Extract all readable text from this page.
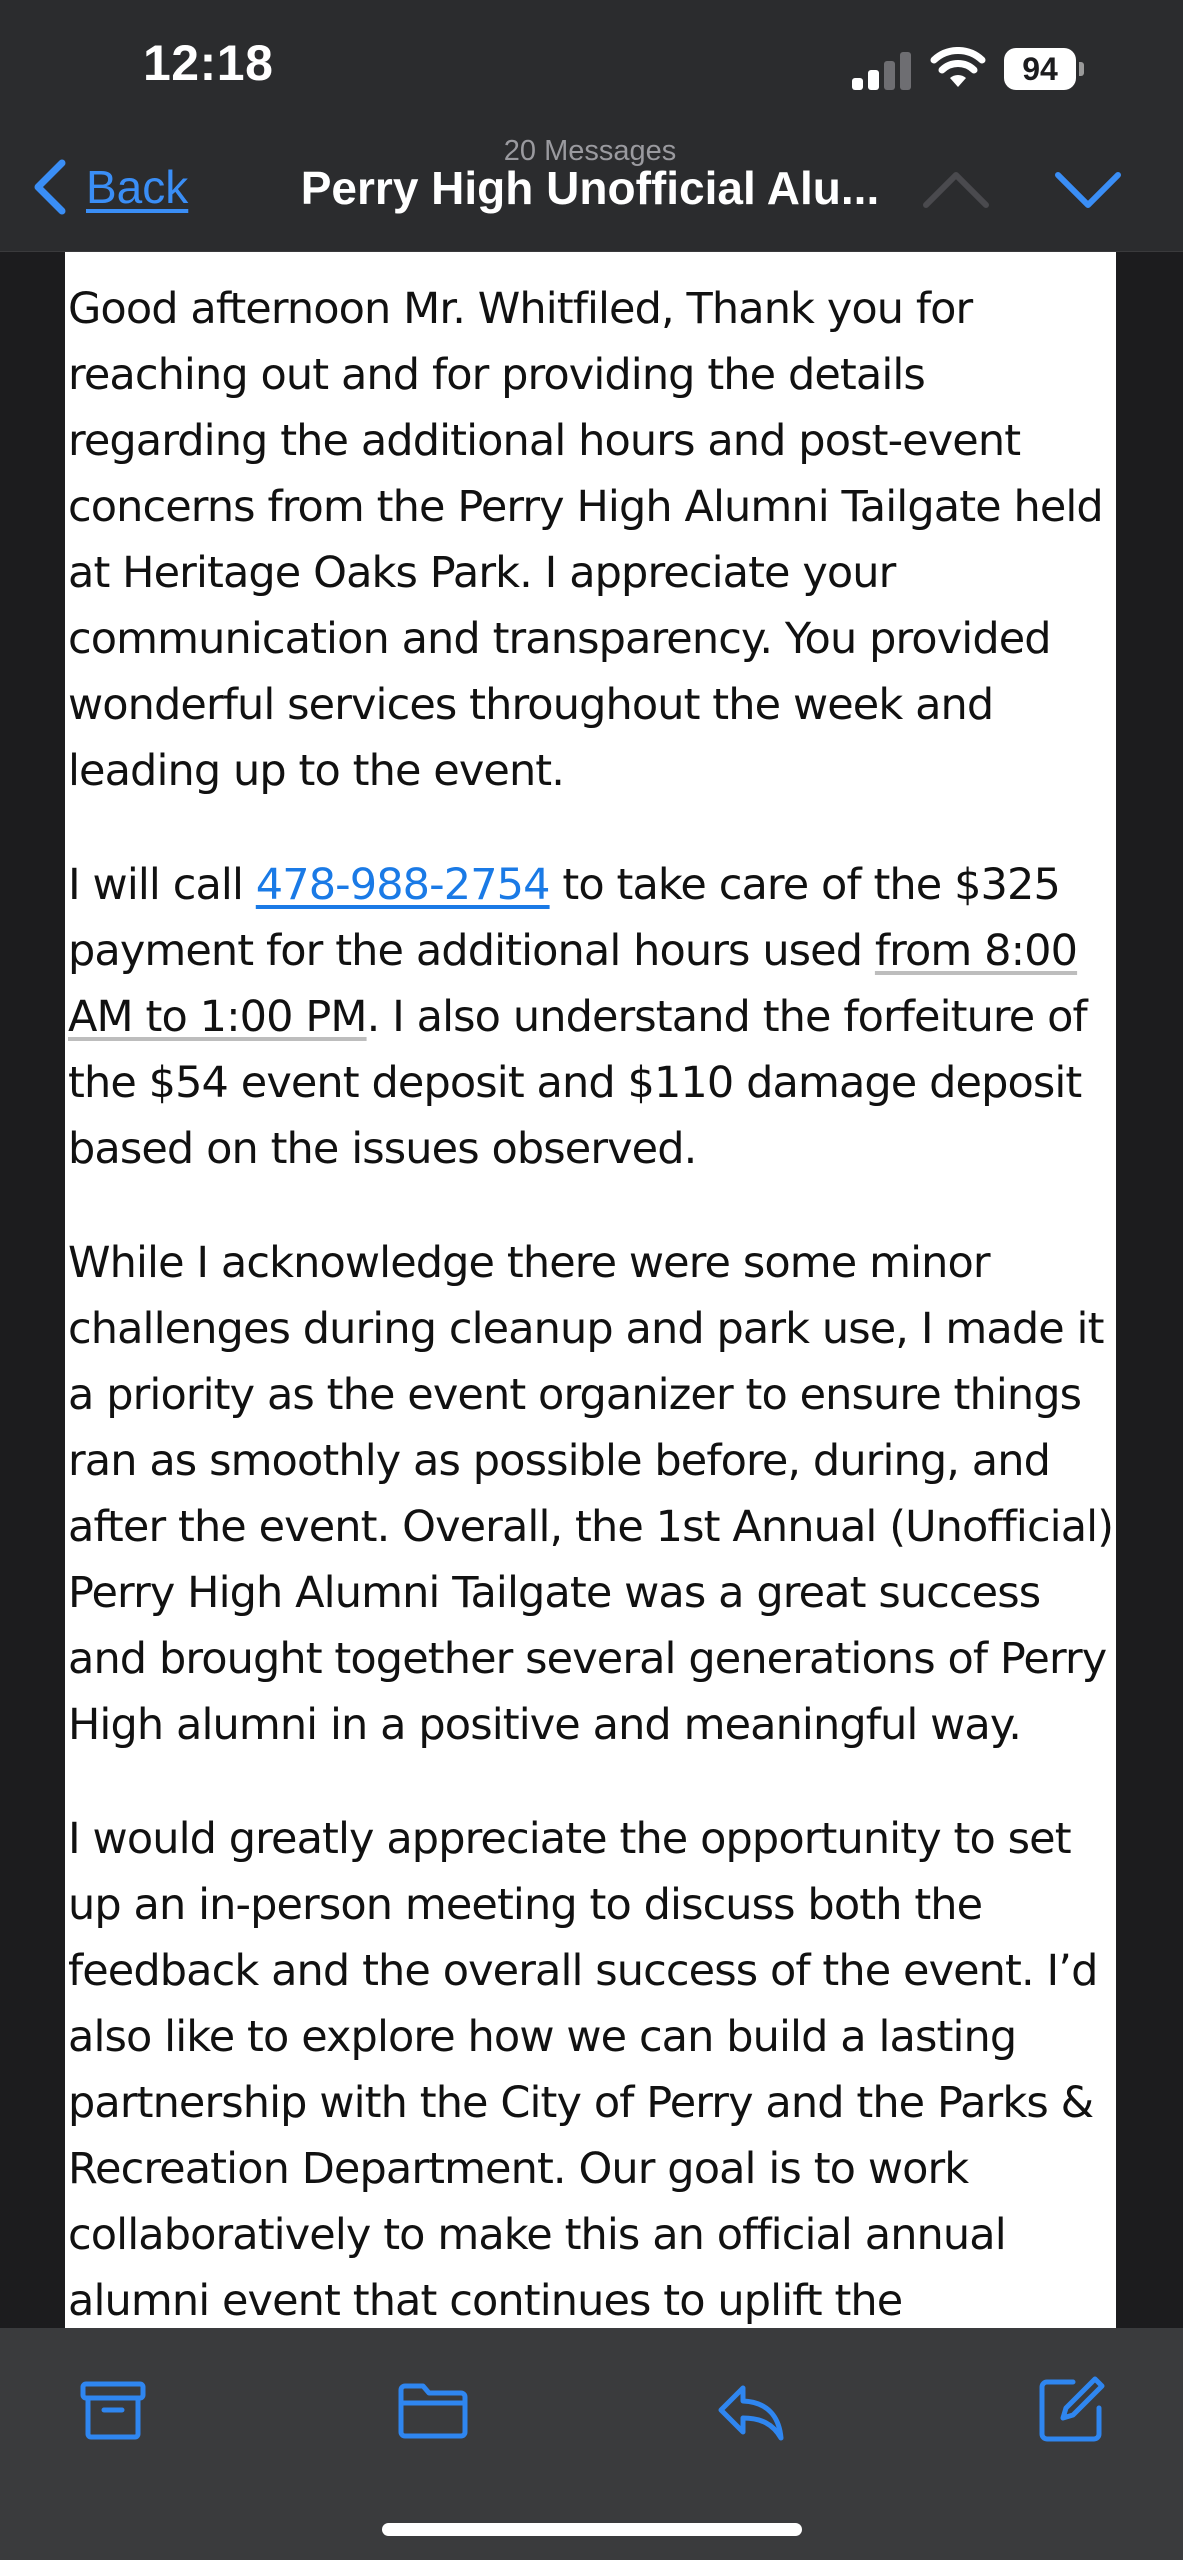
12:18	94
Back
20 Messages
Perry High Unofficial Alu...

Good afternoon Mr. Whitfiled, Thank you for reaching out and for providing the details regarding the additional hours and post-event concerns from the Perry High Alumni Tailgate held at Heritage Oaks Park. I appreciate your communication and transparency. You provided wonderful services throughout the week and leading up to the event.

I will call 478-988-2754 to take care of the $325 payment for the additional hours used from 8:00 AM to 1:00 PM. I also understand the forfeiture of the $54 event deposit and $110 damage deposit based on the issues observed.

While I acknowledge there were some minor challenges during cleanup and park use, I made it a priority as the event organizer to ensure things ran as smoothly as possible before, during, and after the event. Overall, the 1st Annual (Unofficial) Perry High Alumni Tailgate was a great success and brought together several generations of Perry High alumni in a positive and meaningful way.

I would greatly appreciate the opportunity to set up an in-person meeting to discuss both the feedback and the overall success of the event. I’d also like to explore how we can build a lasting partnership with the City of Perry and the Parks & Recreation Department. Our goal is to work collaboratively to make this an official annual alumni event that continues to uplift the
